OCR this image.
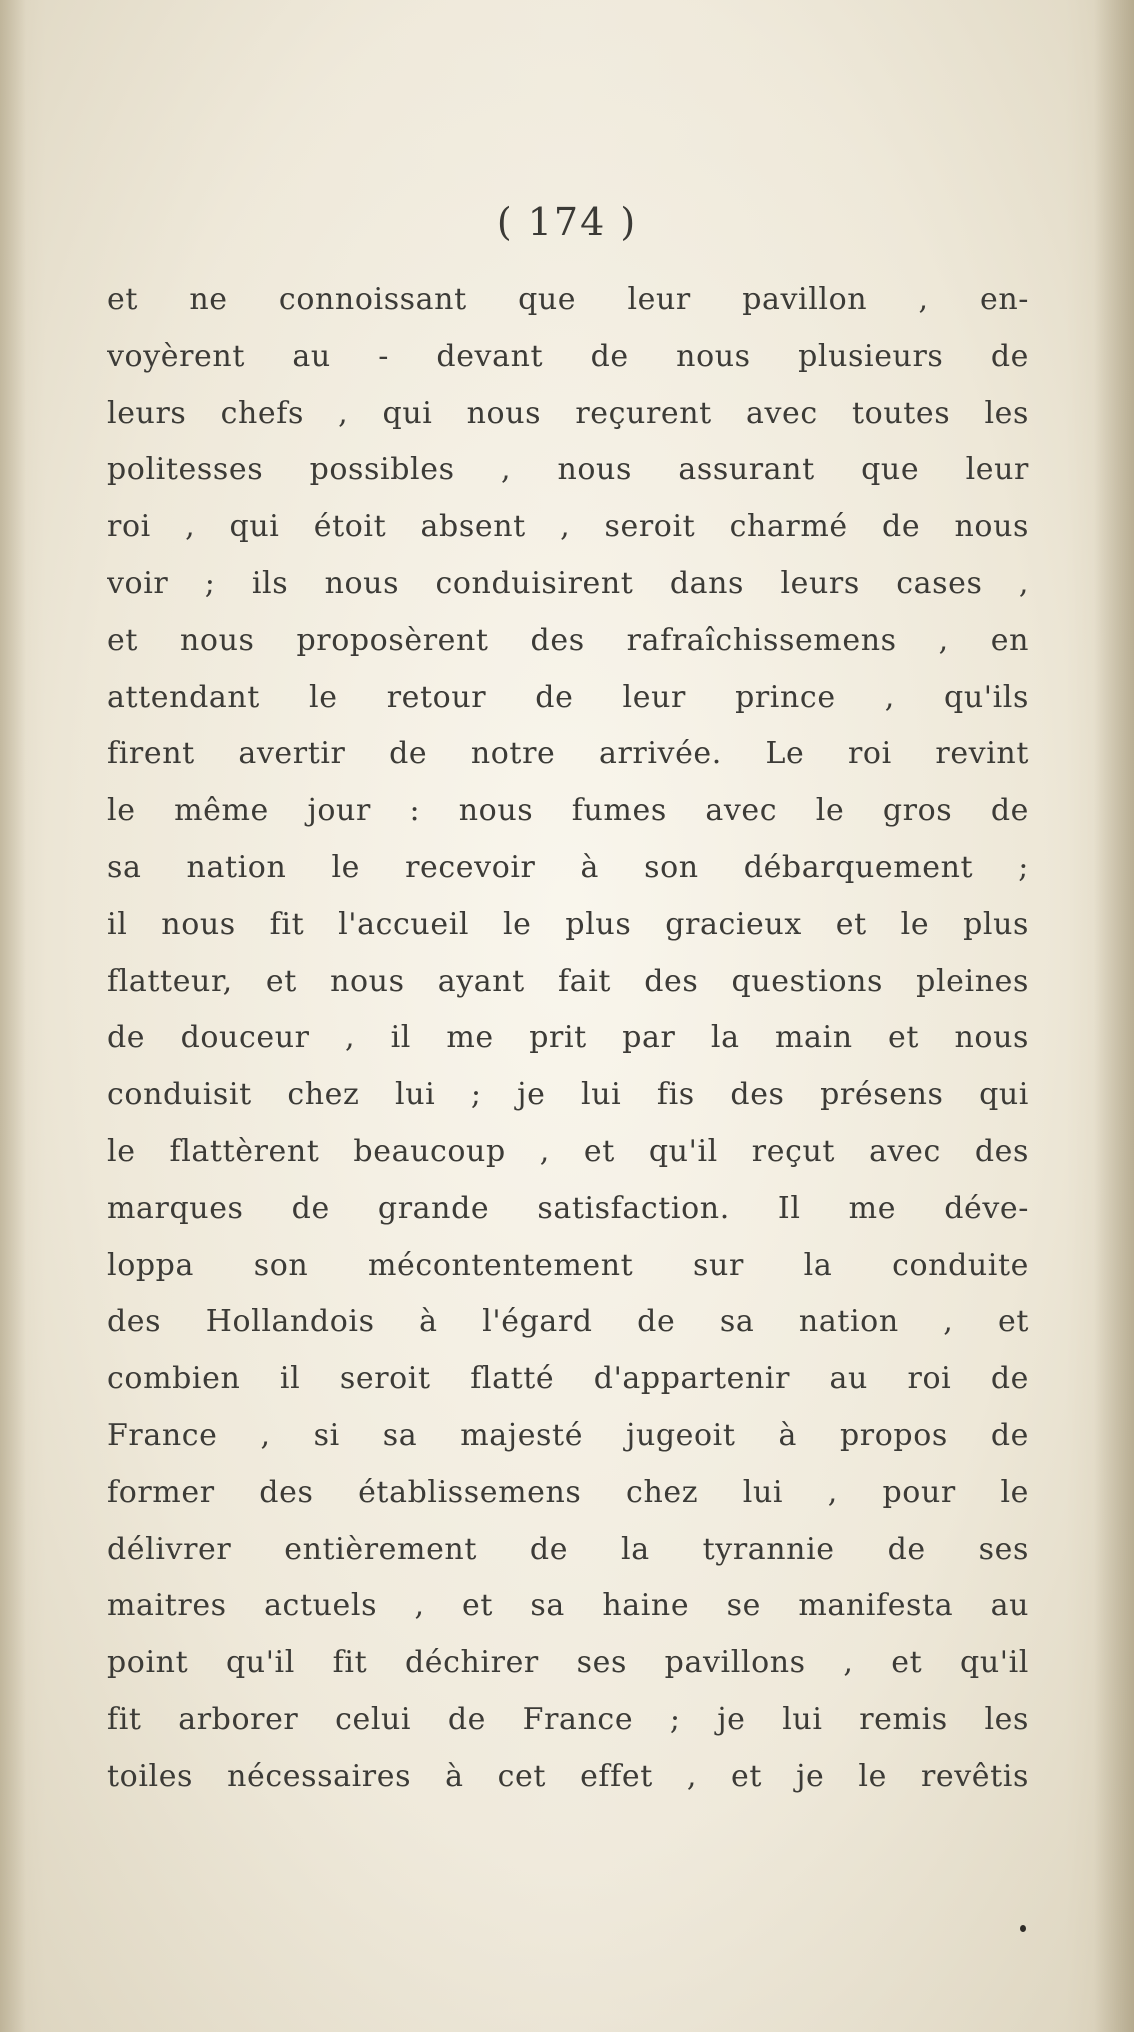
( 174 )
et ne connoissant que leur pavillon , en-
voyèrent au - devant de nous plusieurs de
leurs chefs , qui nous reçurent avec toutes les
politesses possibles , nous assurant que leur
roi , qui étoit absent , seroit charmé de nous
voir ; ils nous conduisirent dans leurs cases ,
et nous proposèrent des rafraîchissemens , en
attendant le retour de leur prince , qu'ils
firent avertir de notre arrivée. Le roi revint
le même jour : nous fumes avec le gros de
sa nation le recevoir à son débarquement ;
il nous fit l'accueil le plus gracieux et le plus
flatteur, et nous ayant fait des questions pleines
de douceur , il me prit par la main et nous
conduisit chez lui ; je lui fis des présens qui
le flattèrent beaucoup , et qu'il reçut avec des
marques de grande satisfaction. Il me déve-
loppa son mécontentement sur la conduite
des Hollandois à l'égard de sa nation , et
combien il seroit flatté d'appartenir au roi de
France , si sa majesté jugeoit à propos de
former des établissemens chez lui , pour le
délivrer entièrement de la tyrannie de ses
maitres actuels , et sa haine se manifesta au
point qu'il fit déchirer ses pavillons , et qu'il
fit arborer celui de France ; je lui remis les
toiles nécessaires à cet effet , et je le revêtis
